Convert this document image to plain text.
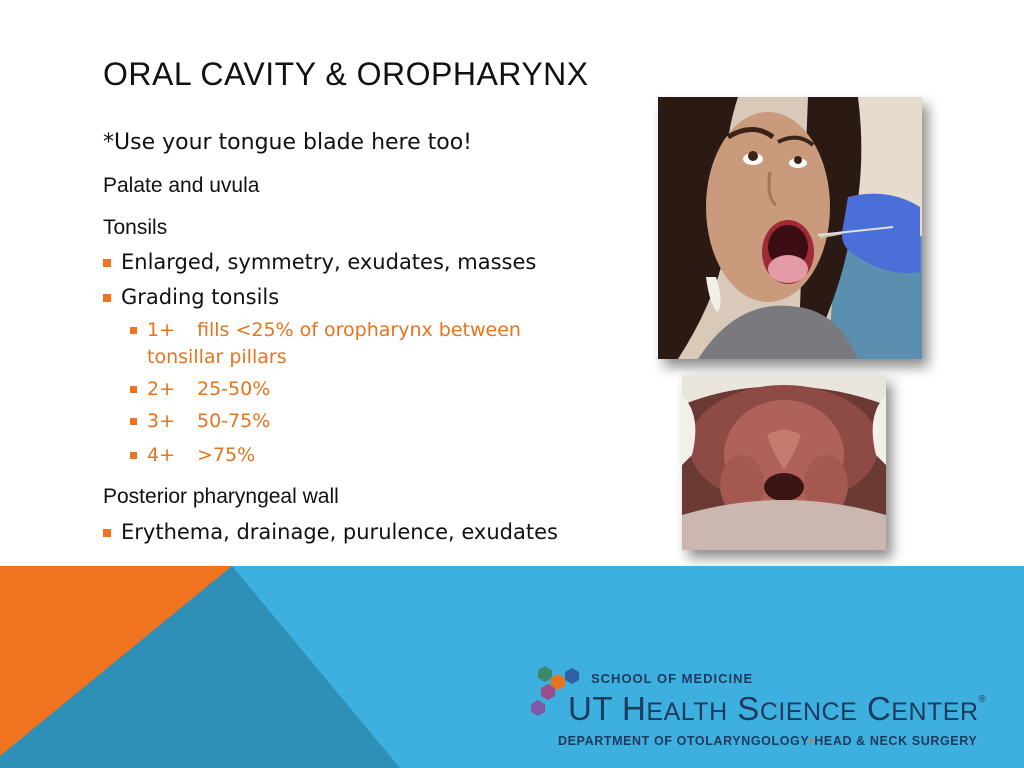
ORAL CAVITY & OROPHARYNX
*Use your tongue blade here too!
Palate and uvula
Tonsils
Enlarged, symmetry, exudates, masses
Grading tonsils
1+ fills <25% of oropharynx between
tonsillar pillars
2+ 25-50%
3+ 50-75%
4+ >75%
Posterior pharyngeal wall
Erythema, drainage, purulence, exudates
SCHOOL OF MEDICINE
UT HEALTH SCIENCE CENTER®
DEPARTMENT OF OTOLARYNGOLOGY•HEAD & NECK SURGERY
